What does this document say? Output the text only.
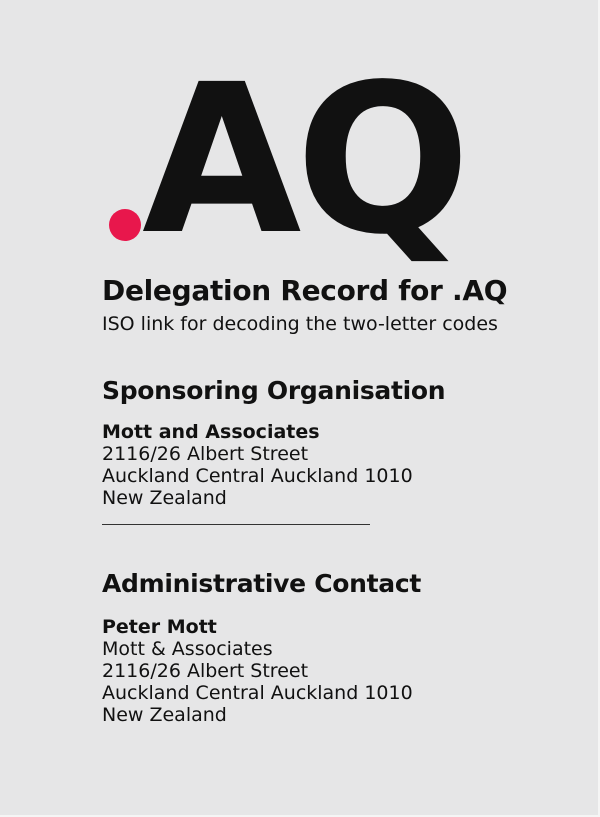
AQ
Delegation Record for .AQ
ISO link for decoding the two-letter codes
Sponsoring Organisation
Mott and Associates
2116/26 Albert Street
Auckland Central Auckland 1010
New Zealand
Administrative Contact
Peter Mott
Mott & Associates
2116/26 Albert Street
Auckland Central Auckland 1010
New Zealand
